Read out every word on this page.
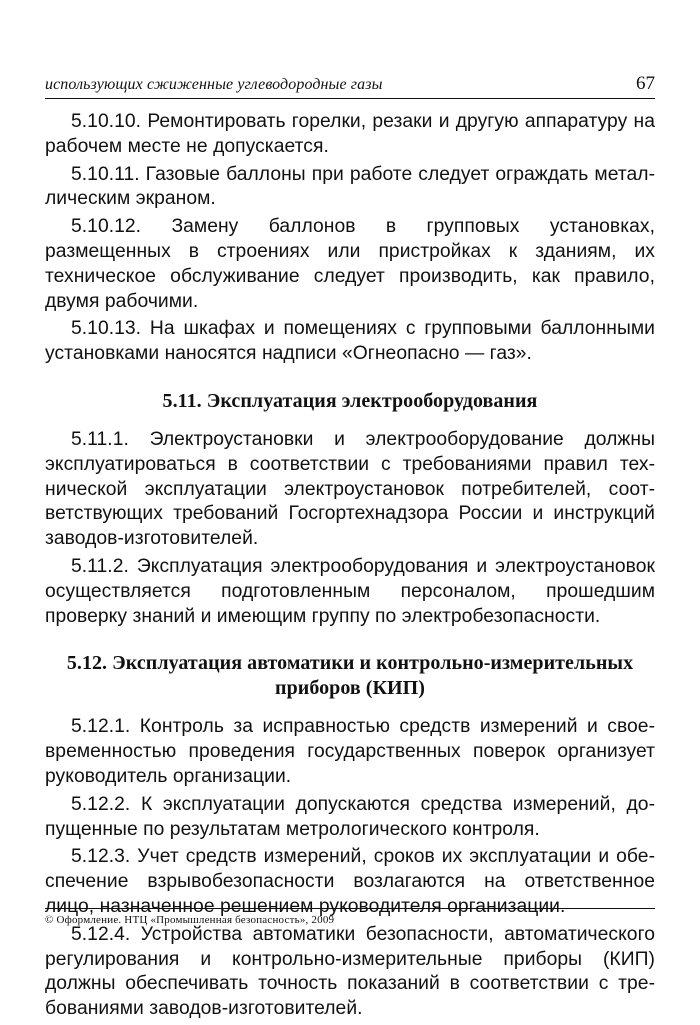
использующих сжиженные углеводородные газы	67

5.10.10. Ремонтировать горелки, резаки и другую аппаратуру на рабочем месте не допускается.

5.10.11. Газовые баллоны при работе следует ограждать металлическим экраном.

5.10.12. Замену баллонов в групповых установках, размещенных в строениях или пристройках к зданиям, их техническое обслуживание следует производить, как правило, двумя рабочими.

5.10.13. На шкафах и помещениях с групповыми баллонными установками наносятся надписи «Огнеопасно — газ».

5.11. Эксплуатация электрооборудования

5.11.1. Электроустановки и электрооборудование должны эксплуатироваться в соответствии с требованиями правил технической эксплуатации электроустановок потребителей, соответствующих требований Госгортехнадзора России и инструкций заводов-изготовителей.

5.11.2. Эксплуатация электрооборудования и электроустановок осуществляется подготовленным персоналом, прошедшим проверку знаний и имеющим группу по электробезопасности.

5.12. Эксплуатация автоматики и контрольно-измерительных приборов (КИП)

5.12.1. Контроль за исправностью средств измерений и своевременностью проведения государственных поверок организует руководитель организации.

5.12.2. К эксплуатации допускаются средства измерений, допущенные по результатам метрологического контроля.

5.12.3. Учет средств измерений, сроков их эксплуатации и обеспечение взрывобезопасности возлагаются на ответственное лицо, назначенное решением руководителя организации.

5.12.4. Устройства автоматики безопасности, автоматического регулирования и контрольно-измерительные приборы (КИП) должны обеспечивать точность показаний в соответствии с требованиями заводов-изготовителей.

© Оформление. НТЦ «Промышленная безопасность», 2009
